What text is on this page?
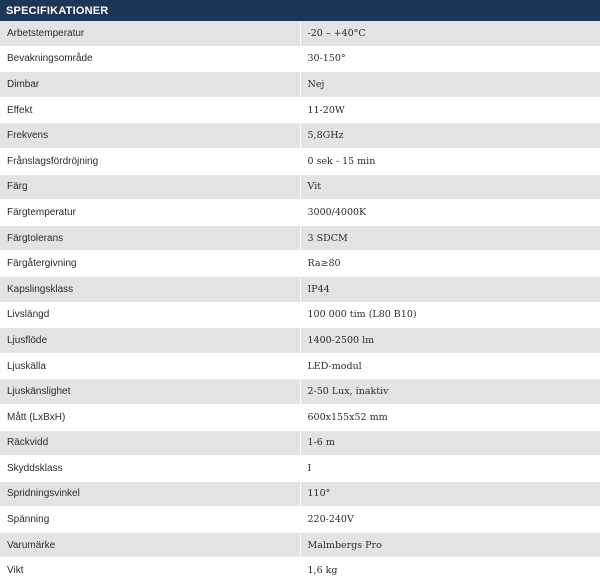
SPECIFIKATIONER	
Arbetstemperatur	-20 – +40°C
Bevakningsområde	30-150°
Dimbar	Nej
Effekt	11-20W
Frekvens	5,8GHz
Frånslagsfördröjning	0 sek - 15 min
Färg	Vit
Färgtemperatur	3000/4000K
Färgtolerans	3 SDCM
Färgåtergivning	Ra≥80
Kapslingsklass	IP44
Livslängd	100 000 tim (L80 B10)
Ljusflöde	1400-2500 lm
Ljuskälla	LED-modul
Ljuskänslighet	2-50 Lux, inaktiv
Mått (LxBxH)	600x155x52 mm
Räckvidd	1-6 m
Skyddsklass	I
Spridningsvinkel	110°
Spänning	220-240V
Varumärke	Malmbergs Pro
Vikt	1,6 kg
